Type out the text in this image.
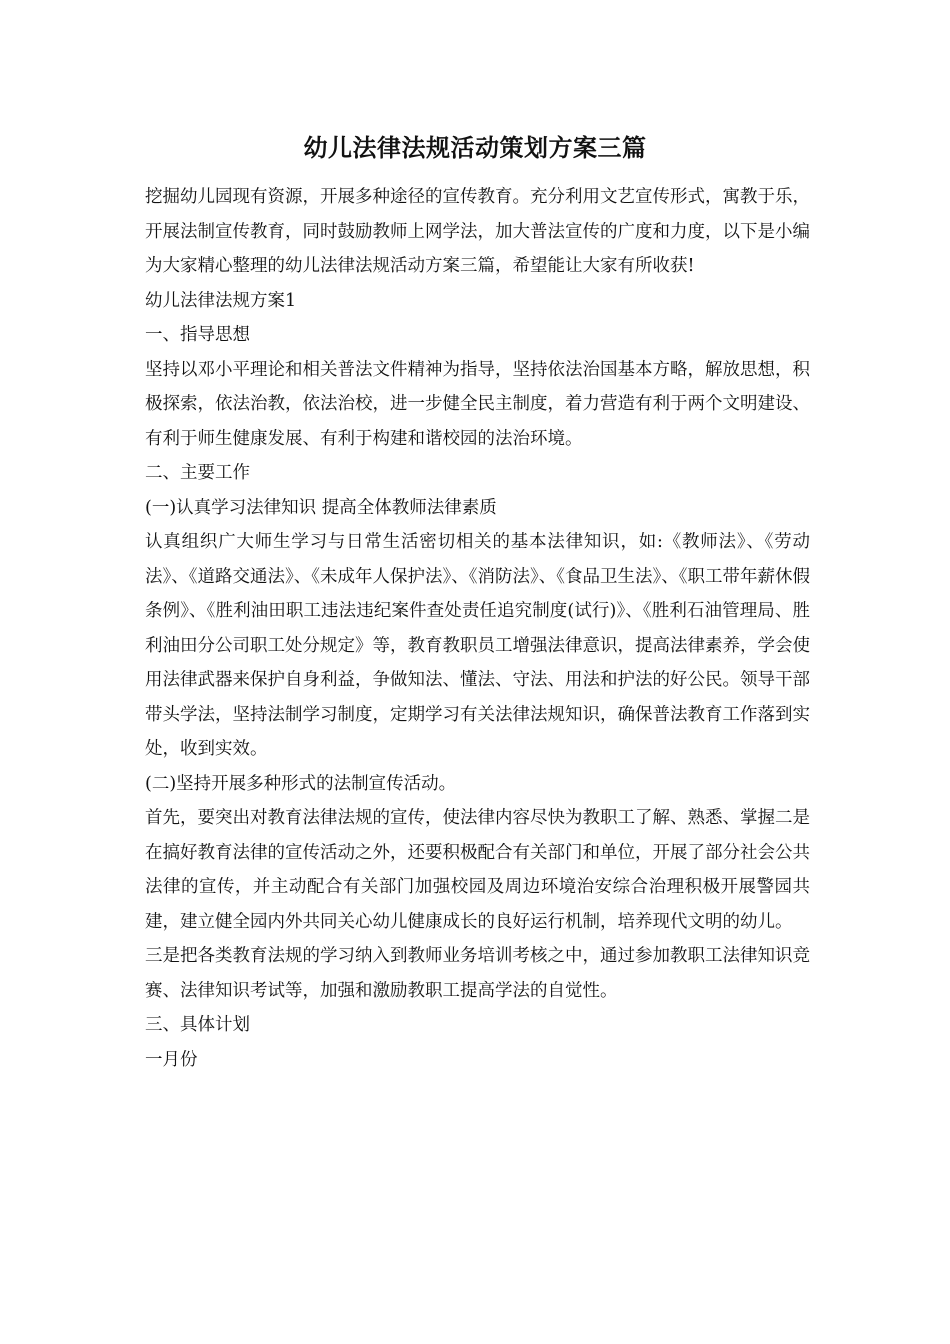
幼儿法律法规活动策划方案三篇

挖掘幼儿园现有资源，开展多种途径的宣传教育。充分利用文艺宣传形式，寓教于乐，开展法制宣传教育，同时鼓励教师上网学法，加大普法宣传的广度和力度，以下是小编为大家精心整理的幼儿法律法规活动方案三篇，希望能让大家有所收获!

幼儿法律法规方案1

一、指导思想

坚持以邓小平理论和相关普法文件精神为指导，坚持依法治国基本方略，解放思想，积极探索，依法治教，依法治校，进一步健全民主制度，着力营造有利于两个文明建设、有利于师生健康发展、有利于构建和谐校园的法治环境。

二、主要工作

(一)认真学习法律知识 提高全体教师法律素质

认真组织广大师生学习与日常生活密切相关的基本法律知识，如:《教师法》、《劳动法》、《道路交通法》、《未成年人保护法》、《消防法》、《食品卫生法》、《职工带年薪休假条例》、《胜利油田职工违法违纪案件查处责任追究制度(试行)》、《胜利石油管理局、胜利油田分公司职工处分规定》等，教育教职员工增强法律意识，提高法律素养，学会使用法律武器来保护自身利益，争做知法、懂法、守法、用法和护法的好公民。领导干部带头学法，坚持法制学习制度，定期学习有关法律法规知识，确保普法教育工作落到实处，收到实效。

(二)坚持开展多种形式的法制宣传活动。

首先，要突出对教育法律法规的宣传，使法律内容尽快为教职工了解、熟悉、掌握二是在搞好教育法律的宣传活动之外，还要积极配合有关部门和单位，开展了部分社会公共法律的宣传，并主动配合有关部门加强校园及周边环境治安综合治理积极开展警园共建，建立健全园内外共同关心幼儿健康成长的良好运行机制，培养现代文明的幼儿。

三是把各类教育法规的学习纳入到教师业务培训考核之中，通过参加教职工法律知识竞赛、法律知识考试等，加强和激励教职工提高学法的自觉性。

三、具体计划

一月份
